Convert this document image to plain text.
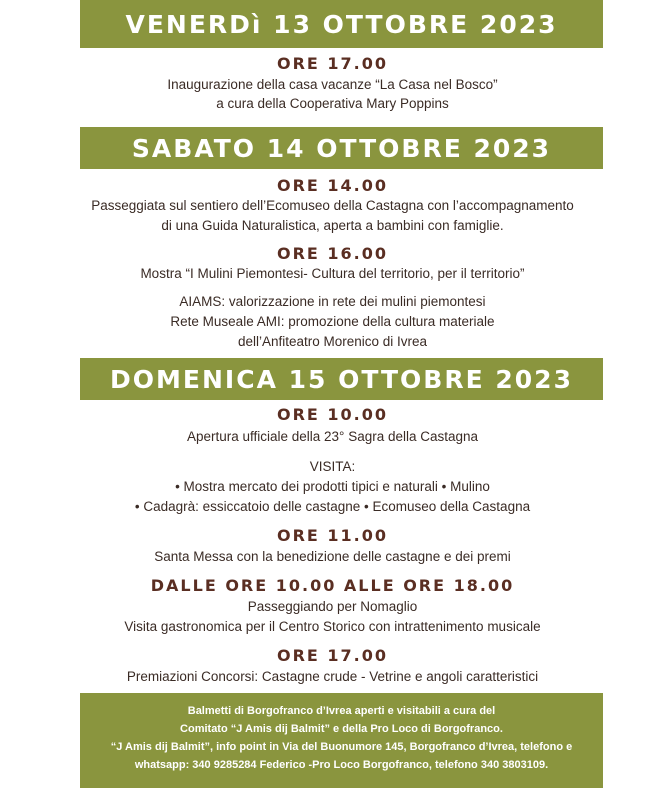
VENERDì 13 OTTOBRE 2023
ORE 17.00
Inaugurazione della casa vacanze “La Casa nel Bosco”
a cura della Cooperativa Mary Poppins
SABATO 14 OTTOBRE 2023
ORE 14.00
Passeggiata sul sentiero dell’Ecomuseo della Castagna con l’accompagnamento
di una Guida Naturalistica, aperta a bambini con famiglie.
ORE 16.00
Mostra “I Mulini Piemontesi- Cultura del territorio, per il territorio”
AIAMS: valorizzazione in rete dei mulini piemontesi
Rete Museale AMI: promozione della cultura materiale
dell’Anfiteatro Morenico di Ivrea
DOMENICA 15 OTTOBRE 2023
ORE 10.00
Apertura ufficiale della 23° Sagra della Castagna
VISITA:
• Mostra mercato dei prodotti tipici e naturali • Mulino
• Cadagrà: essiccatoio delle castagne • Ecomuseo della Castagna
ORE 11.00
Santa Messa con la benedizione delle castagne e dei premi
DALLE ORE 10.00 ALLE ORE 18.00
Passeggiando per Nomaglio
Visita gastronomica per il Centro Storico con intrattenimento musicale
ORE 17.00
Premiazioni Concorsi: Castagne crude - Vetrine e angoli caratteristici
Balmetti di Borgofranco d’Ivrea aperti e visitabili a cura del
Comitato “J Amis dij Balmit” e della Pro Loco di Borgofranco.
“J Amis dij Balmit”, info point in Via del Buonumore 145, Borgofranco d’Ivrea, telefono e
whatsapp: 340 9285284 Federico -Pro Loco Borgofranco, telefono 340 3803109.
